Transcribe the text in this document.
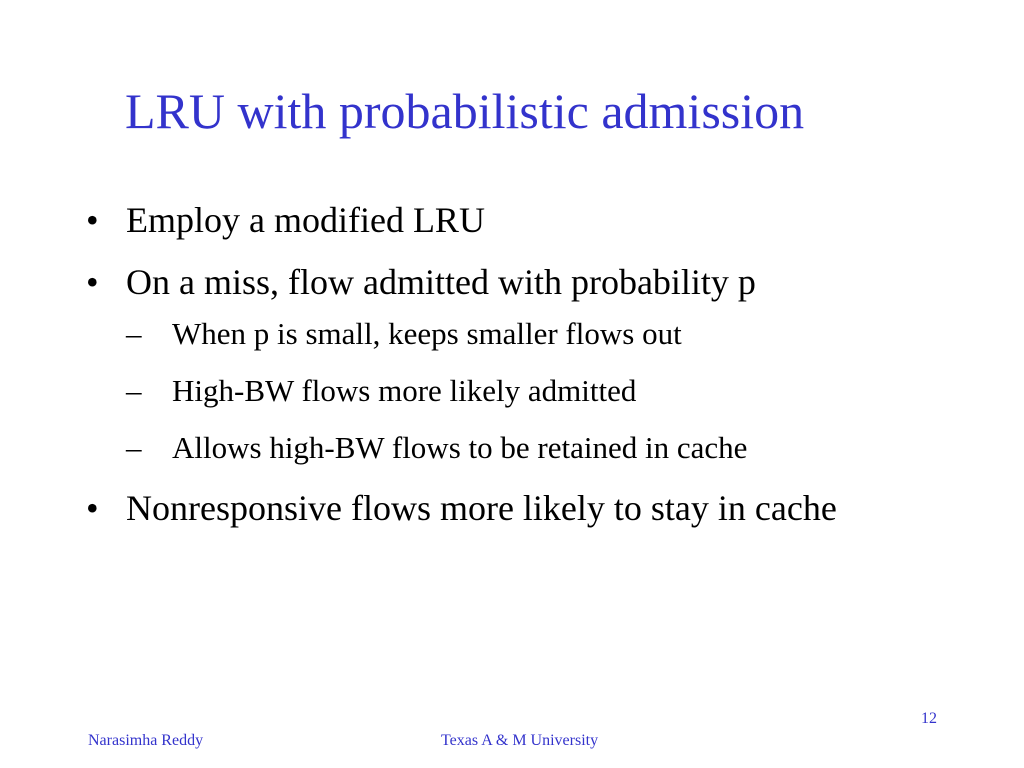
LRU with probabilistic admission
• Employ a modified LRU
• On a miss, flow admitted with probability p
– When p is small, keeps smaller flows out
– High-BW flows more likely admitted
– Allows high-BW flows to be retained in cache
• Nonresponsive flows more likely to stay in cache
12
Narasimha Reddy	Texas A & M University
